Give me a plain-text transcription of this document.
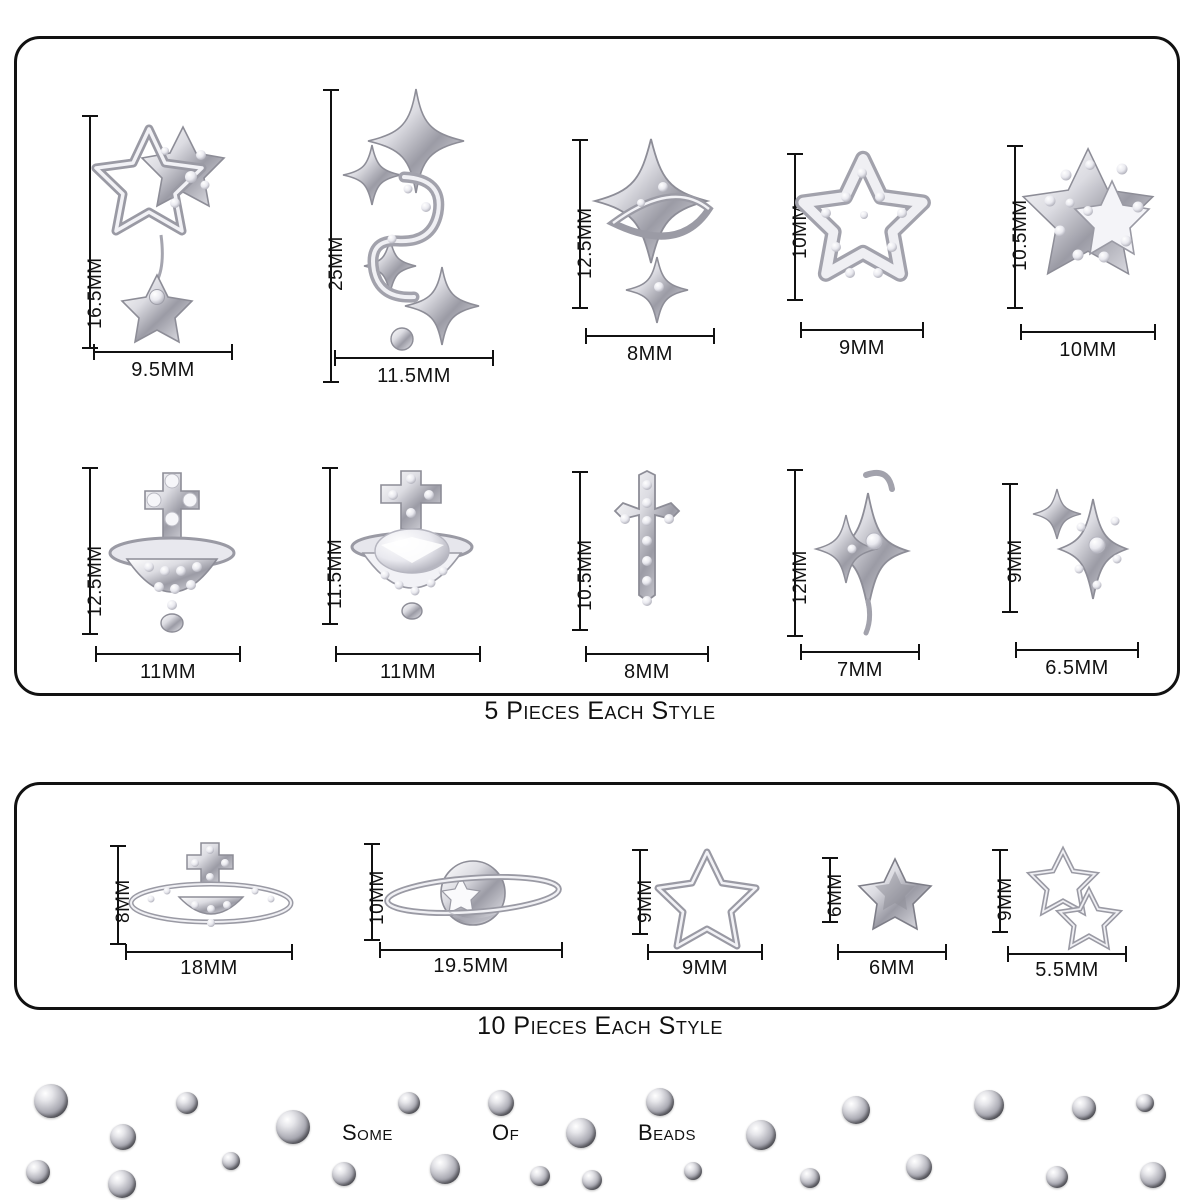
16.5MM
9.5MM
25MM
11.5MM
12.5MM
8MM
10MM
9MM
10.5MM
10MM
12.5MM
11MM
11.5MM
11MM
10.5MM
8MM
12MM
7MM
9MM
6.5MM
5 Pieces Each Style
8MM
18MM
10MM
19.5MM
9MM
9MM
6MM
6MM
9MM
5.5MM
10 Pieces Each Style
Some	Of	Beads
